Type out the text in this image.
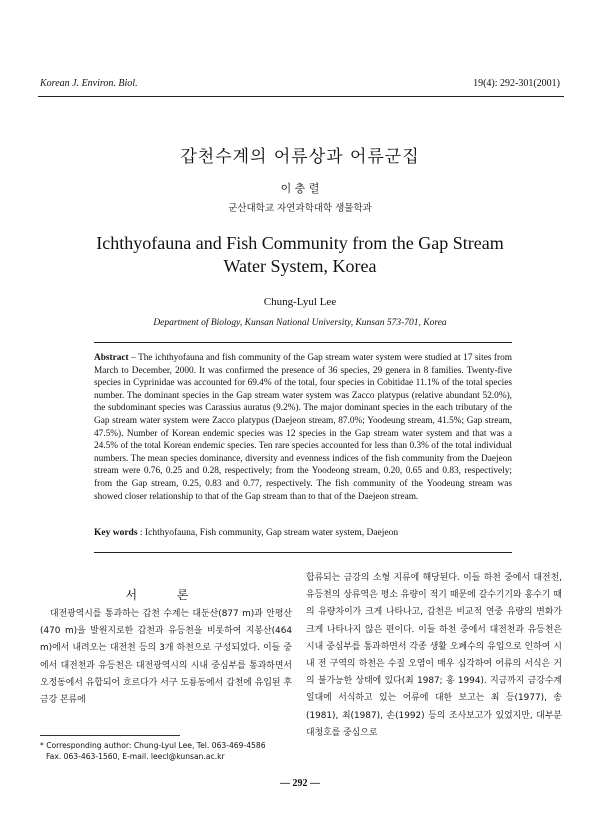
Korean J. Environ. Biol.	19(4): 292-301(2001)
갑천수계의 어류상과 어류군집
이 충 렬
군산대학교 자연과학대학 생물학과
Ichthyofauna and Fish Community from the Gap Stream
Water System, Korea
Chung-Lyul Lee
Department of Biology, Kunsan National University, Kunsan 573-701, Korea
Abstract – The ichthyofauna and fish community of the Gap stream water system were studied at 17 sites from March to December, 2000. It was confirmed the presence of 36 species, 29 genera in 8 families. Twenty-five species in Cyprinidae was accounted for 69.4% of the total, four species in Cobitidae 11.1% of the total species number. The dominant species in the Gap stream water system was Zacco platypus (relative abundant 52.0%), the subdominant species was Carassius auratus (9.2%). The major dominant species in the each tributary of the Gap stream water system were Zacco platypus (Daejeon stream, 87.0%; Yoodeung stream, 41.5%; Gap stream, 47.5%). Number of Korean endemic species was 12 species in the Gap stream water system and that was a 24.5% of the total Korean endemic species. Ten rare species accounted for less than 0.3% of the total individual numbers. The mean species dominance, diversity and evenness indices of the fish community from the Daejeon stream were 0.76, 0.25 and 0.28, respectively; from the Yoodeong stream, 0.20, 0.65 and 0.83, respectively; from the Gap stream, 0.25, 0.83 and 0.77, respectively. The fish community of the Yoodeung stream was showed closer relationship to that of the Gap stream than to that of the Daejeon stream.
Key words : Ichthyofauna, Fish community, Gap stream water system, Daejeon
서 론

대전광역시를 통과하는 갑천 수계는 대둔산(877 m)과 안평산(470 m)을 발원지로한 갑천과 유등천을 비롯하여 지봉산(464 m)에서 내려오는 대전천 등의 3개 하천으로 구성되었다. 이들 중에서 대전천과 유등천은 대전광역시의 시내 중심부를 통과하면서 오정동에서 유합되어 흐르다가 서구 도룡동에서 갑천에 유입된 후 금강 본류에

합류되는 금강의 소형 지류에 해당된다. 이들 하천 중에서 대전천, 유등천의 상류역은 평소 유량이 적기 때문에 갈수기기와 홍수기 때의 유량차이가 크게 나타나고, 갑천은 비교적 연중 유량의 변화가 크게 나타나지 않은 편이다. 이들 하천 중에서 대전천과 유등천은 시내 중심부를 통과하면서 각종 생활 오폐수의 유입으로 인하여 시내 전 구역의 하천은 수질 오염이 매우 심각하여 어류의 서식은 거의 불가능한 상태에 있다(최 1987; 홍 1994). 지금까지 금강수계 일대에 서식하고 있는 어류에 대한 보고는 최 등(1977), 송(1981), 최(1987), 손(1992) 등의 조사보고가 있었지만, 대부분 대청호를 중심으로

* Corresponding author: Chung-Lyul Lee, Tel. 063-469-4586
Fax. 063-463-1560, E-mail. leecl@kunsan.ac.kr
— 292 —
